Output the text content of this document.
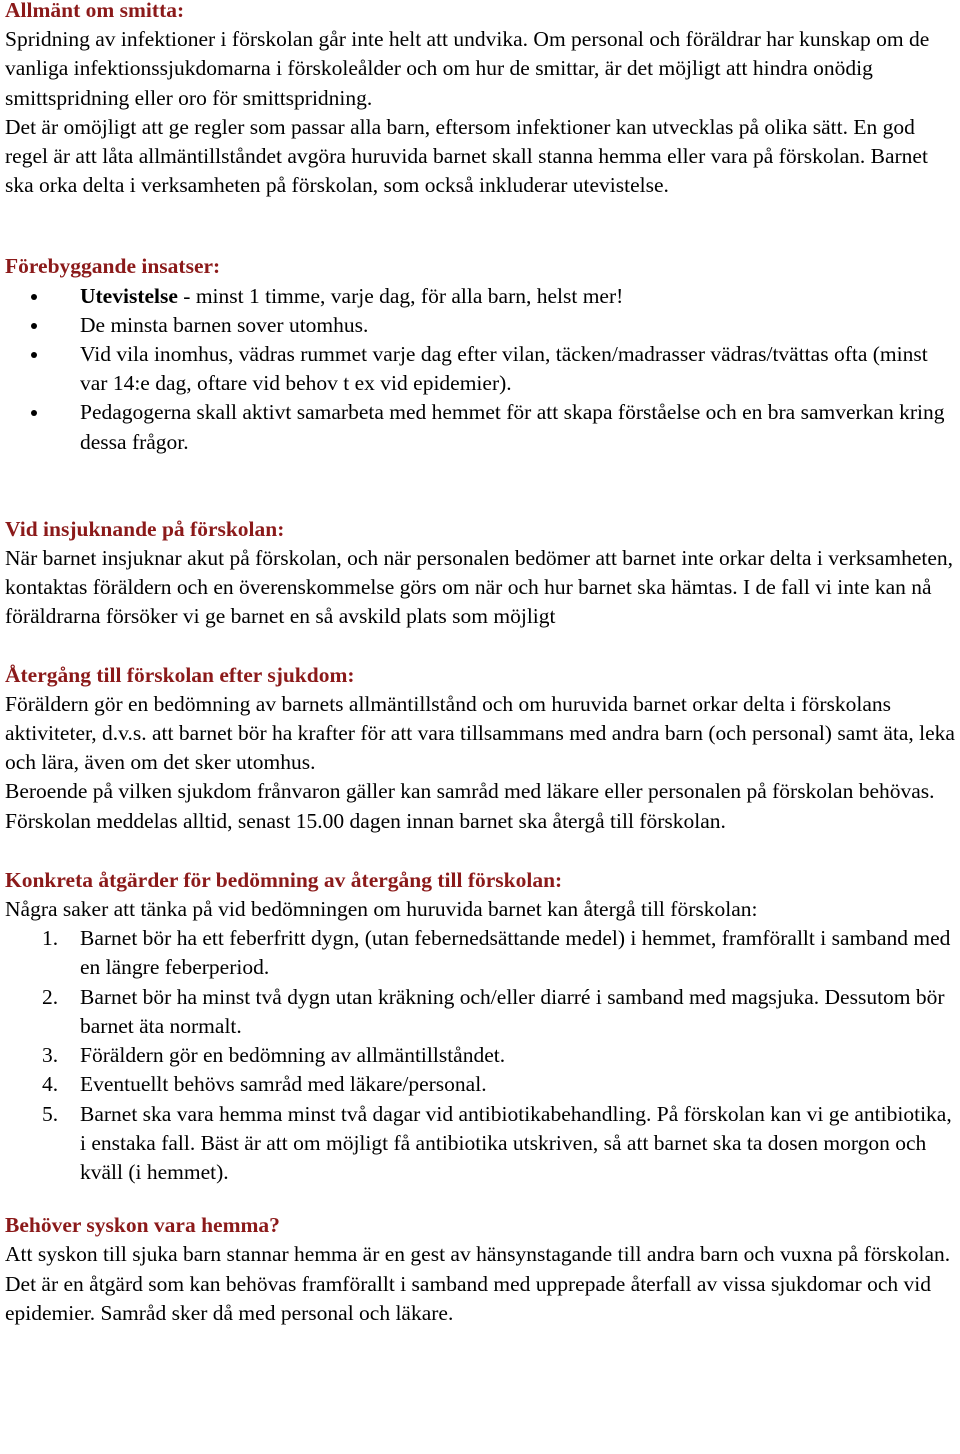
Allmänt om smitta:

Spridning av infektioner i förskolan går inte helt att undvika. Om personal och föräldrar har kunskap om de vanliga infektionssjukdomarna i förskoleålder och om hur de smittar, är det möjligt att hindra onödig smittspridning eller oro för smittspridning.

Det är omöjligt att ge regler som passar alla barn, eftersom infektioner kan utvecklas på olika sätt. En god regel är att låta allmäntillståndet avgöra huruvida barnet skall stanna hemma eller vara på förskolan. Barnet ska orka delta i verksamheten på förskolan, som också inkluderar utevistelse.

Förebyggande insatser:
Utevistelse - minst 1 timme, varje dag, för alla barn, helst mer!
De minsta barnen sover utomhus.
Vid vila inomhus, vädras rummet varje dag efter vilan, täcken/madrasser vädras/tvättas ofta (minst var 14:e dag, oftare vid behov t ex vid epidemier).
Pedagogerna skall aktivt samarbeta med hemmet för att skapa förståelse och en bra samverkan kring dessa frågor.
Vid insjuknande på förskolan:

När barnet insjuknar akut på förskolan, och när personalen bedömer att barnet inte orkar delta i verksamheten, kontaktas föräldern och en överenskommelse görs om när och hur barnet ska hämtas. I de fall vi inte kan nå föräldrarna försöker vi ge barnet en så avskild plats som möjligt

Återgång till förskolan efter sjukdom:

Föräldern gör en bedömning av barnets allmäntillstånd och om huruvida barnet orkar delta i förskolans aktiviteter, d.v.s. att barnet bör ha krafter för att vara tillsammans med andra barn (och personal) samt äta, leka och lära, även om det sker utomhus.

Beroende på vilken sjukdom frånvaron gäller kan samråd med läkare eller personalen på förskolan behövas.

Förskolan meddelas alltid, senast 15.00 dagen innan barnet ska återgå till förskolan.

Konkreta åtgärder för bedömning av återgång till förskolan:

Några saker att tänka på vid bedömningen om huruvida barnet kan återgå till förskolan:

1. Barnet bör ha ett feberfritt dygn, (utan febernedsättande medel) i hemmet, framförallt i samband med en längre feberperiod.
2. Barnet bör ha minst två dygn utan kräkning och/eller diarré i samband med magsjuka. Dessutom bör barnet äta normalt.
3. Föräldern gör en bedömning av allmäntillståndet.
4. Eventuellt behövs samråd med läkare/personal.
5. Barnet ska vara hemma minst två dagar vid antibiotikabehandling. På förskolan kan vi ge antibiotika, i enstaka fall. Bäst är att om möjligt få antibiotika utskriven, så att barnet ska ta dosen morgon och kväll (i hemmet).
Behöver syskon vara hemma?

Att syskon till sjuka barn stannar hemma är en gest av hänsynstagande till andra barn och vuxna på förskolan.

Det är en åtgärd som kan behövas framförallt i samband med upprepade återfall av vissa sjukdomar och vid epidemier. Samråd sker då med personal och läkare.
